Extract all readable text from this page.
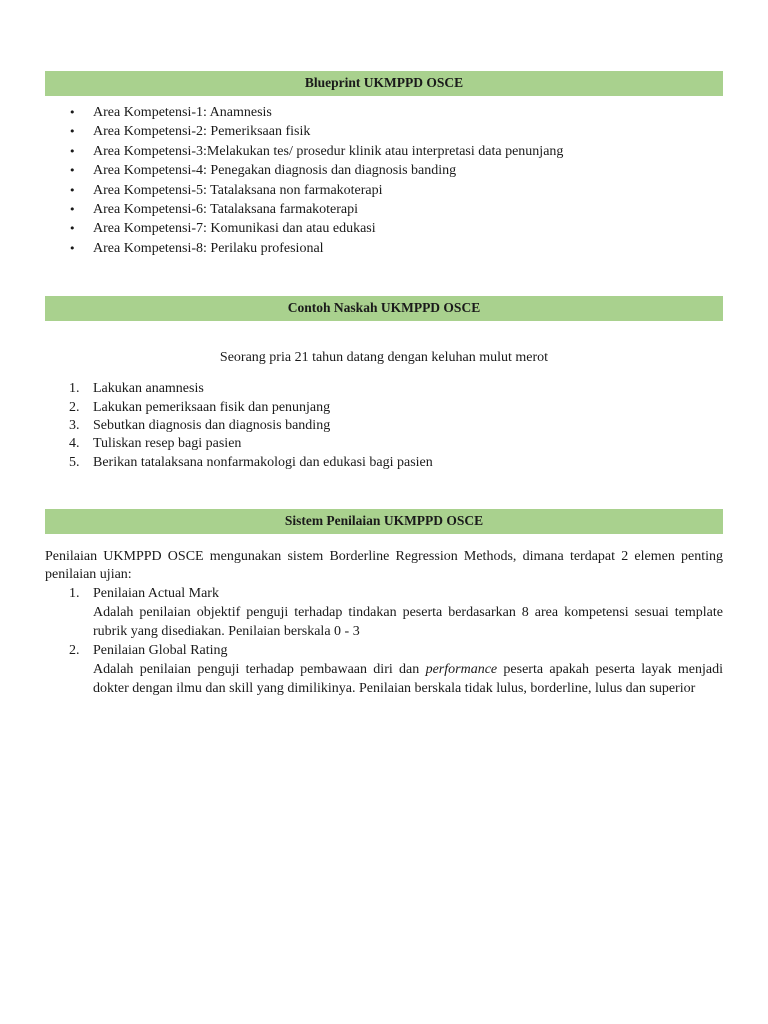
Blueprint UKMPPD OSCE
• Area Kompetensi-1: Anamnesis
• Area Kompetensi-2: Pemeriksaan fisik
• Area Kompetensi-3:Melakukan tes/ prosedur klinik atau interpretasi data penunjang
• Area Kompetensi-4: Penegakan diagnosis dan diagnosis banding
• Area Kompetensi-5: Tatalaksana non farmakoterapi
• Area Kompetensi-6: Tatalaksana farmakoterapi
• Area Kompetensi-7: Komunikasi dan atau edukasi
• Area Kompetensi-8: Perilaku profesional
Contoh Naskah UKMPPD OSCE
Seorang pria 21 tahun datang dengan keluhan mulut merot
1. Lakukan anamnesis
2. Lakukan pemeriksaan fisik dan penunjang
3. Sebutkan diagnosis dan diagnosis banding
4. Tuliskan resep bagi pasien
5. Berikan tatalaksana nonfarmakologi dan edukasi bagi pasien
Sistem Penilaian UKMPPD OSCE
Penilaian UKMPPD OSCE mengunakan sistem Borderline Regression Methods, dimana terdapat 2 elemen penting penilaian ujian:
1. Penilaian Actual Mark
Adalah penilaian objektif penguji terhadap tindakan peserta berdasarkan 8 area kompetensi sesuai template rubrik yang disediakan. Penilaian berskala 0 - 3
2. Penilaian Global Rating
Adalah penilaian penguji terhadap pembawaan diri dan performance peserta apakah peserta layak menjadi dokter dengan ilmu dan skill yang dimilikinya. Penilaian berskala tidak lulus, borderline, lulus dan superior
